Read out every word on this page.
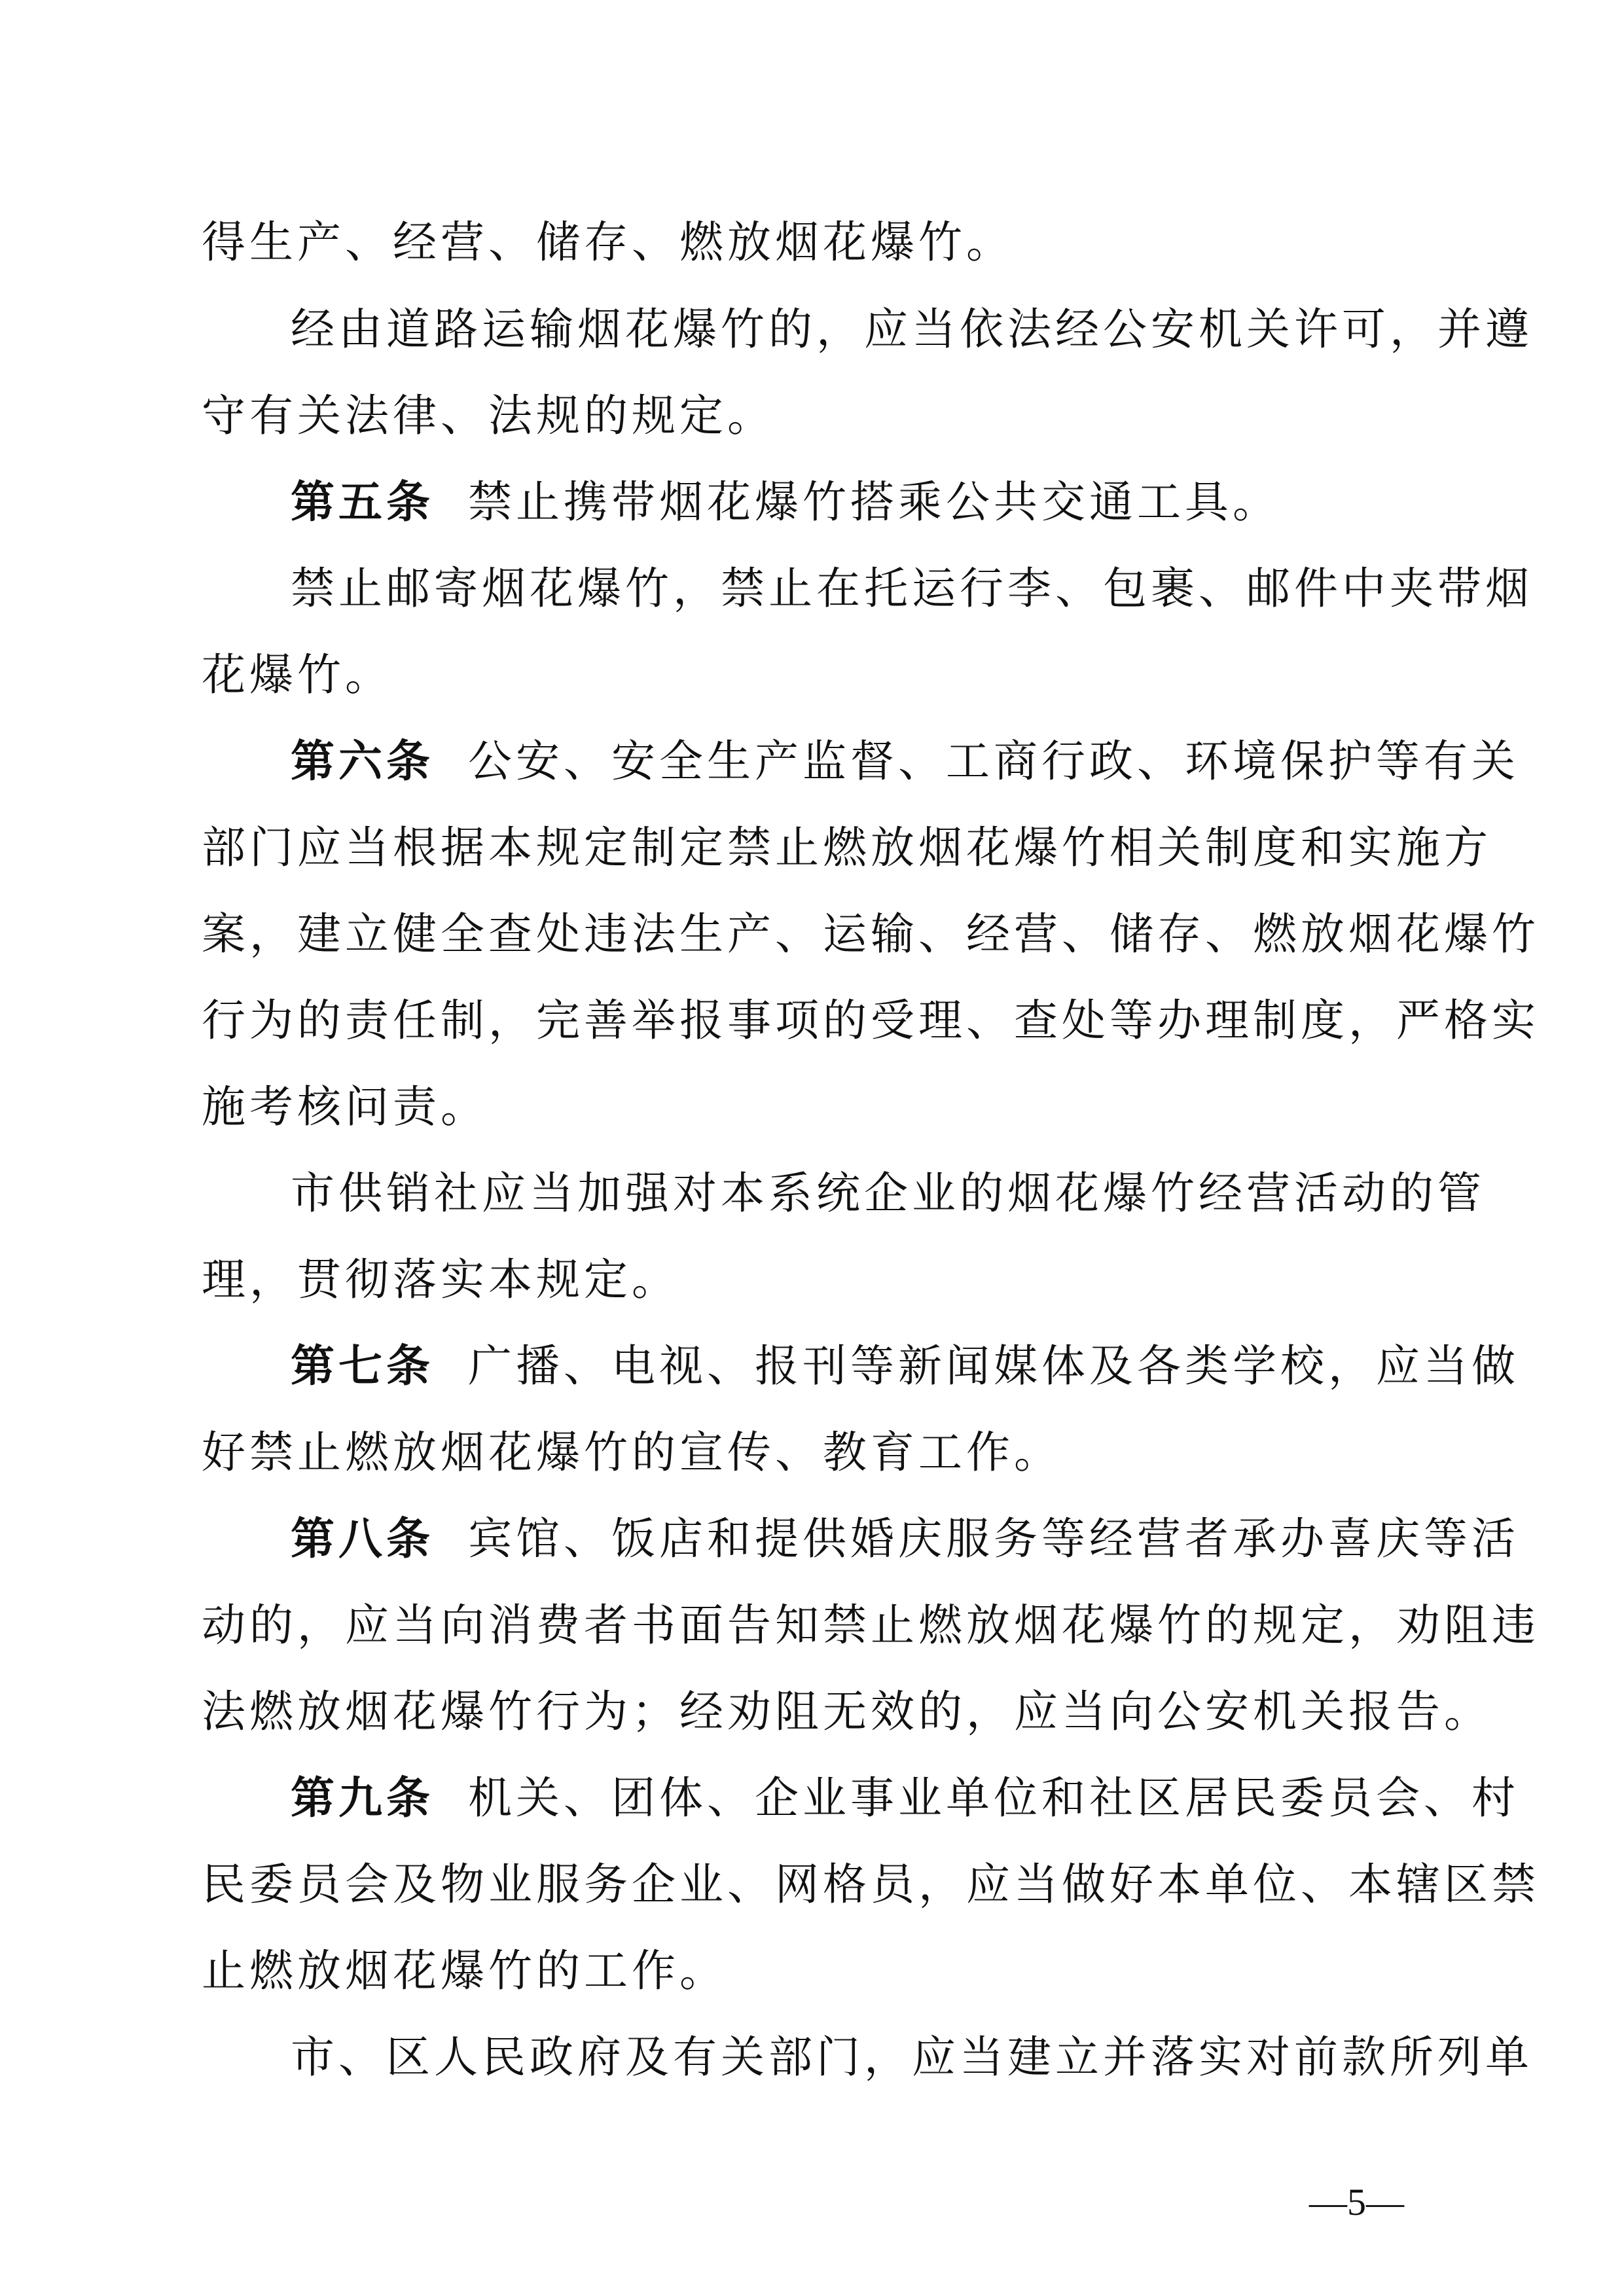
得生产、经营、储存、燃放烟花爆竹。
经由道路运输烟花爆竹的，应当依法经公安机关许可，并遵
守有关法律、法规的规定。
第五条 禁止携带烟花爆竹搭乘公共交通工具。
禁止邮寄烟花爆竹，禁止在托运行李、包裹、邮件中夹带烟
花爆竹。
第六条 公安、安全生产监督、工商行政、环境保护等有关
部门应当根据本规定制定禁止燃放烟花爆竹相关制度和实施方
案，建立健全查处违法生产、运输、经营、储存、燃放烟花爆竹
行为的责任制，完善举报事项的受理、查处等办理制度，严格实
施考核问责。
市供销社应当加强对本系统企业的烟花爆竹经营活动的管
理，贯彻落实本规定。
第七条 广播、电视、报刊等新闻媒体及各类学校，应当做
好禁止燃放烟花爆竹的宣传、教育工作。
第八条 宾馆、饭店和提供婚庆服务等经营者承办喜庆等活
动的，应当向消费者书面告知禁止燃放烟花爆竹的规定，劝阻违
法燃放烟花爆竹行为；经劝阻无效的，应当向公安机关报告。
第九条 机关、团体、企业事业单位和社区居民委员会、村
民委员会及物业服务企业、网格员，应当做好本单位、本辖区禁
止燃放烟花爆竹的工作。
市、区人民政府及有关部门，应当建立并落实对前款所列单
—5—
